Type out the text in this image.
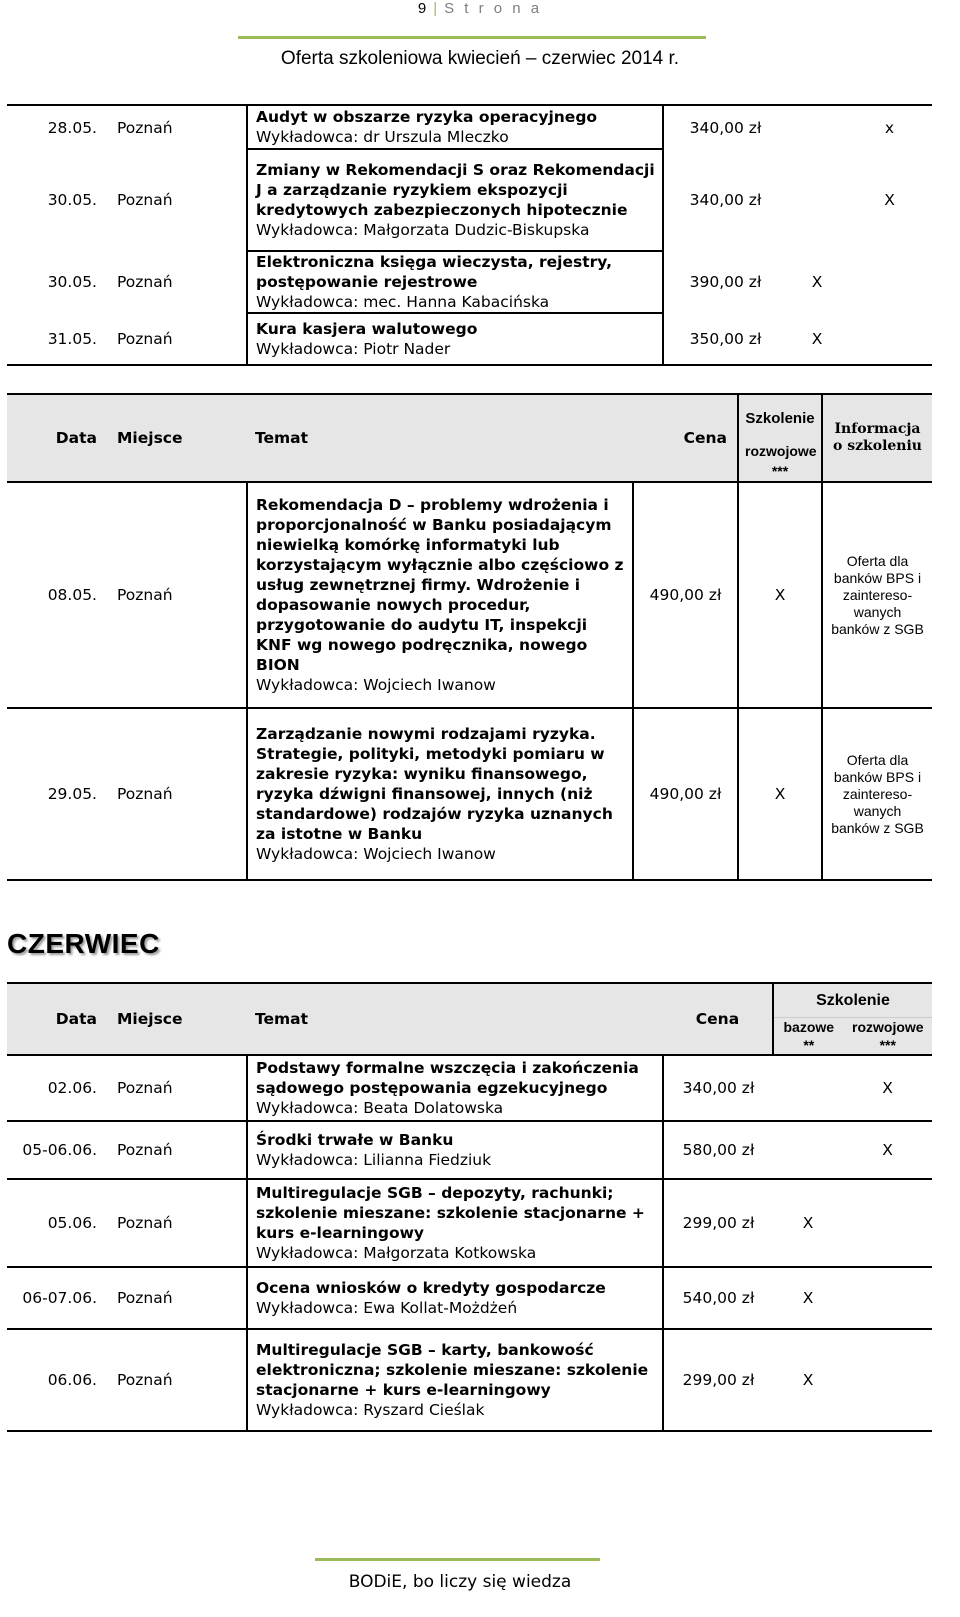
9 | S t r o n a
Oferta szkoleniowa kwiecień – czerwiec 2014 r.
28.05.	Poznań	Audyt w obszarze ryzyka operacyjnego
Wykładowca: dr Urszula Mleczko	340,00 zł		x
30.05.	Poznań	Zmiany w Rekomendacji S oraz Rekomendacji J a zarządzanie ryzykiem ekspozycji kredytowych zabezpieczonych hipotecznie
Wykładowca: Małgorzata Dudzic-Biskupska	340,00 zł		X
30.05.	Poznań	Elektroniczna księga wieczysta, rejestry, postępowanie rejestrowe
Wykładowca: mec. Hanna Kabacińska	390,00 zł	X	
31.05.	Poznań	Kura kasjera walutowego
Wykładowca: Piotr Nader	350,00 zł	X	
Data	Miejsce	Temat	Cena	Szkolenie
rozwojowe
***	Informacja o szkoleniu
08.05.	Poznań	Rekomendacja D – problemy wdrożenia i proporcjonalność w Banku posiadającym niewielką komórkę informatyki lub korzystającym wyłącznie albo częściowo z usług zewnętrznej firmy. Wdrożenie i dopasowanie nowych procedur, przygotowanie do audytu IT, inspekcji KNF wg nowego podręcznika, nowego BION
Wykładowca: Wojciech Iwanow	490,00 zł	X	Oferta dla banków BPS i zaintereso-wanych banków z SGB
29.05.	Poznań	Zarządzanie nowymi rodzajami ryzyka. Strategie, polityki, metodyki pomiaru w zakresie ryzyka: wyniku finansowego, ryzyka dźwigni finansowej, innych (niż standardowe) rodzajów ryzyka uznanych za istotne w Banku
Wykładowca: Wojciech Iwanow	490,00 zł	X	Oferta dla banków BPS i zaintereso-wanych banków z SGB
CZERWIEC
Data	Miejsce	Temat	Cena	Szkolenie
bazowe
**
rozwojowe
***	

02.06.	Poznań	Podstawy formalne wszczęcia i zakończenia sądowego postępowania egzekucyjnego
Wykładowca: Beata Dolatowska	340,00 zł		X
05-06.06.	Poznań	Środki trwałe w Banku
Wykładowca: Lilianna Fiedziuk	580,00 zł		X
05.06.	Poznań	Multiregulacje SGB – depozyty, rachunki; szkolenie mieszane: szkolenie stacjonarne + kurs e-learningowy
Wykładowca: Małgorzata Kotkowska	299,00 zł	X	
06-07.06.	Poznań	Ocena wniosków o kredyty gospodarcze
Wykładowca: Ewa Kollat-Możdżeń	540,00 zł	X	
06.06.	Poznań	Multiregulacje SGB – karty, bankowość elektroniczna; szkolenie mieszane: szkolenie stacjonarne + kurs e-learningowy
Wykładowca: Ryszard Cieślak	299,00 zł	X	
BODiE, bo liczy się wiedza
